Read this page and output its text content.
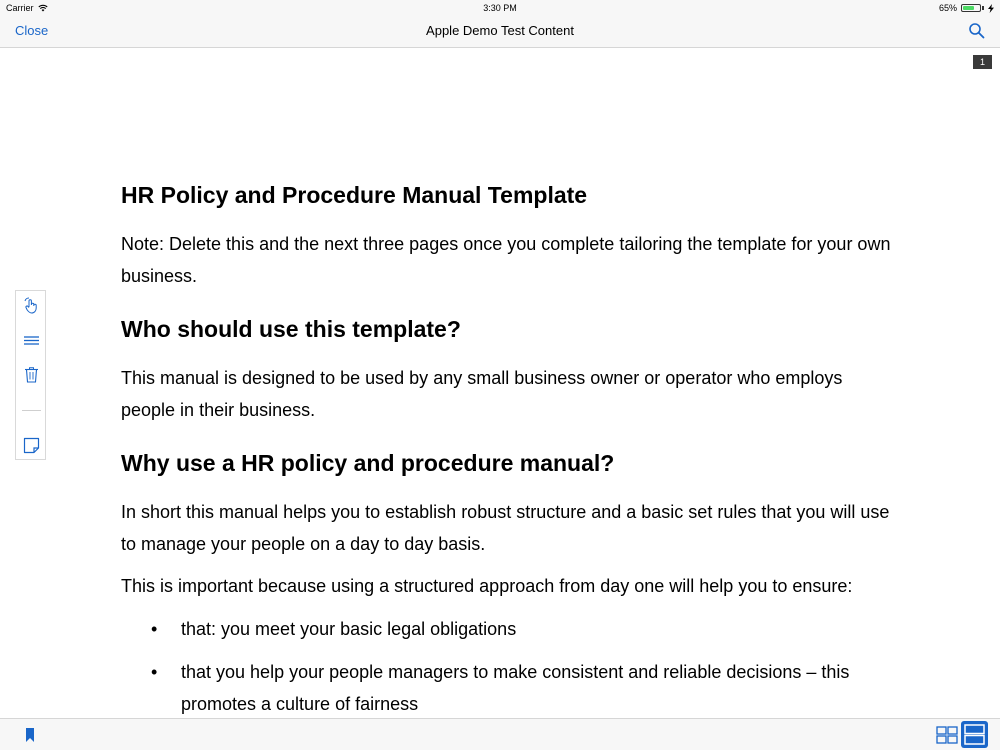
Carrier	3:30 PM	65%
Close	Apple Demo Test Content
1
HR Policy and Procedure Manual Template

Note: Delete this and the next three pages once you complete tailoring the template for your own business.

Who should use this template?

This manual is designed to be used by any small business owner or operator who employs people in their business.

Why use a HR policy and procedure manual?

In short this manual helps you to establish robust structure and a basic set rules that you will use to manage your people on a day to day basis.

This is important because using a structured approach from day one will help you to ensure:

• that: you meet your basic legal obligations
• that you help your people managers to make consistent and reliable decisions – this promotes a culture of fairness
